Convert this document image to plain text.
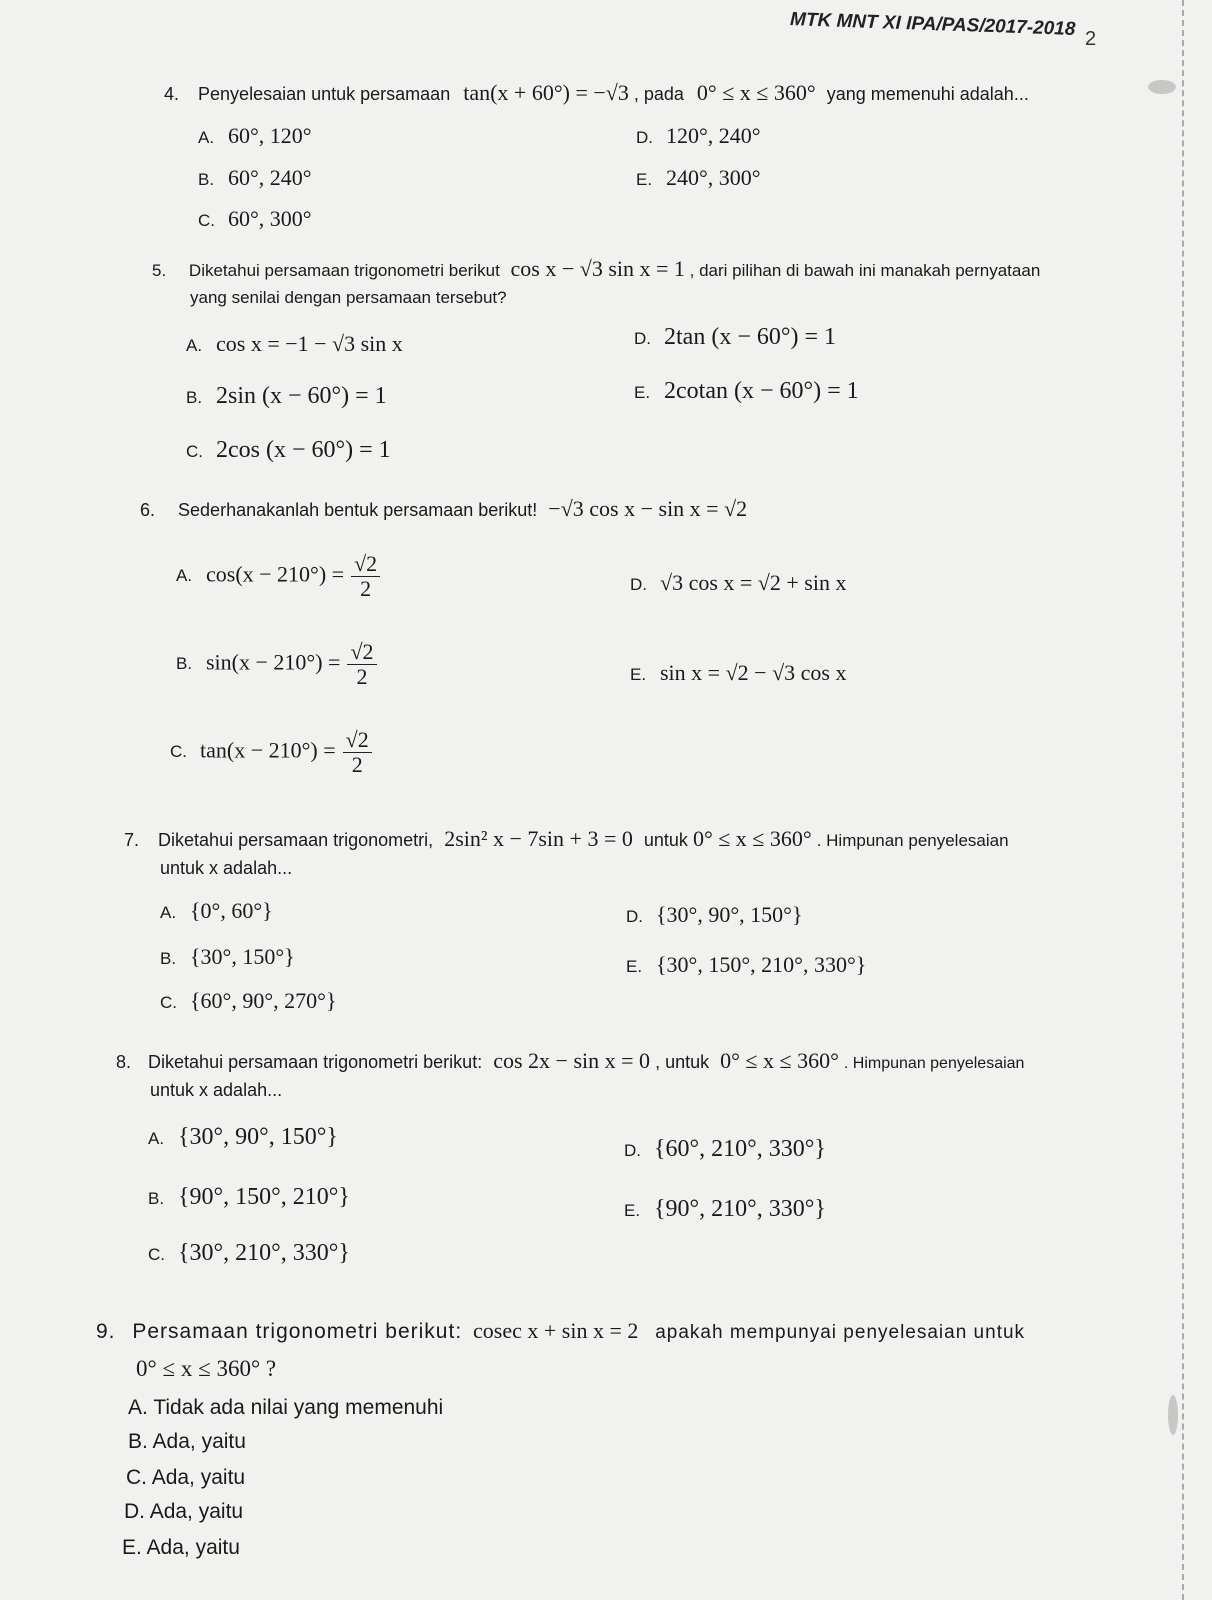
MTK MNT XI IPA/PAS/2017-2018 2
4. Penyelesaian untuk persamaan tan(x + 60°) = −√3 , pada 0° ≤ x ≤ 360° yang memenuhi adalah...
A. 60°, 120°
B. 60°, 240°
C. 60°, 300°
D. 120°, 240°
E. 240°, 300°
5. Diketahui persamaan trigonometri berikut cos x − √3 sin x = 1 , dari pilihan di bawah ini manakah pernyataan
yang senilai dengan persamaan tersebut?
A. cos x = −1 − √3 sin x
B. 2sin (x − 60°) = 1
C. 2cos (x − 60°) = 1
D. 2tan (x − 60°) = 1
E. 2cotan (x − 60°) = 1
6. Sederhanakanlah bentuk persamaan berikut! −√3 cos x − sin x = √2
A. $\cos(x - 210^\circ) = \frac{√2}{2}$
B. $\sin(x - 210^\circ) = \frac{√2}{2}$
C. $\tan(x - 210^\circ) = \frac{√2}{2}$
D. √3 cos x = √2 + sin x
E. sin x = √2 − √3 cos x
7. Diketahui persamaan trigonometri, 2sin² x − 7sin + 3 = 0 untuk 0° ≤ x ≤ 360° . Himpunan penyelesaian
untuk x adalah...
A. {0°, 60°}
B. {30°, 150°}
C. {60°, 90°, 270°}
D. {30°, 90°, 150°}
E. {30°, 150°, 210°, 330°}
8. Diketahui persamaan trigonometri berikut: cos 2x − sin x = 0 , untuk 0° ≤ x ≤ 360° . Himpunan penyelesaian
untuk x adalah...
A. {30°, 90°, 150°}
B. {90°, 150°, 210°}
C. {30°, 210°, 330°}
D. {60°, 210°, 330°}
E. {90°, 210°, 330°}
9. Persamaan trigonometri berikut: cosec x + sin x = 2 apakah mempunyai penyelesaian untuk
0° ≤ x ≤ 360° ?
A. Tidak ada nilai yang memenuhi
B. Ada, yaitu
C. Ada, yaitu
D. Ada, yaitu
E. Ada, yaitu
